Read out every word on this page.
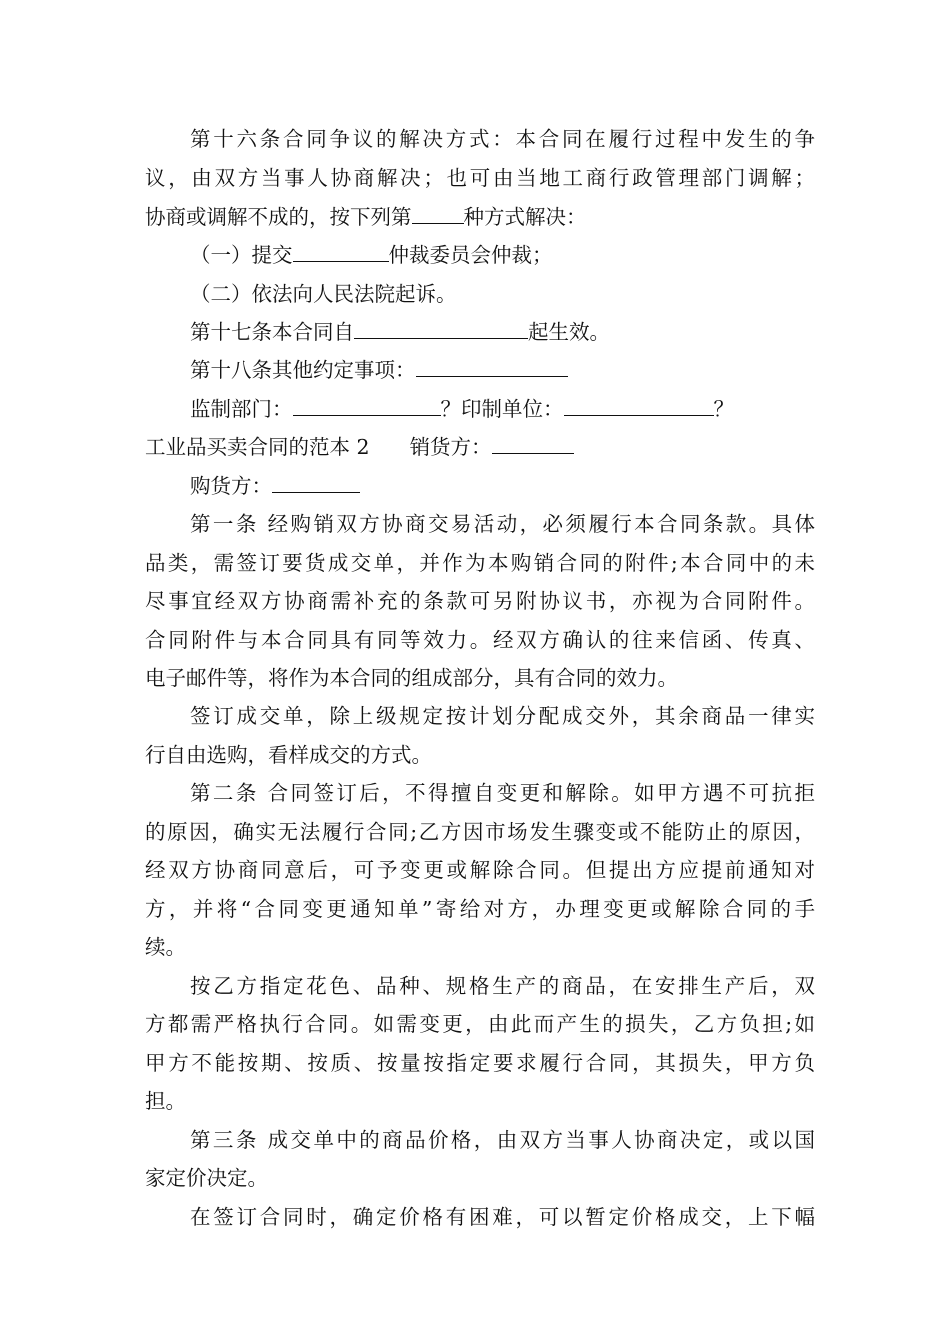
第十六条合同争议的解决方式：本合同在履行过程中发生的争
议，由双方当事人协商解决；也可由当地工商行政管理部门调解；
协商或调解不成的，按下列第	种方式解决：
（一）提交	仲裁委员会仲裁；
（二）依法向人民法院起诉。
第十七条本合同自	起生效。
第十八条其他约定事项：
监制部门：	？印制单位：	？
工业品买卖合同的范本 2 销货方：
购货方：
第一条 经购销双方协商交易活动，必须履行本合同条款。具体
品类，需签订要货成交单，并作为本购销合同的附件;本合同中的未
尽事宜经双方协商需补充的条款可另附协议书，亦视为合同附件。
合同附件与本合同具有同等效力。经双方确认的往来信函、传真、
电子邮件等，将作为本合同的组成部分，具有合同的效力。
签订成交单，除上级规定按计划分配成交外，其余商品一律实
行自由选购，看样成交的方式。
第二条 合同签订后，不得擅自变更和解除。如甲方遇不可抗拒
的原因，确实无法履行合同;乙方因市场发生骤变或不能防止的原因，
经双方协商同意后，可予变更或解除合同。但提出方应提前通知对
方，并将“合同变更通知单”寄给对方，办理变更或解除合同的手
续。
按乙方指定花色、品种、规格生产的商品，在安排生产后，双
方都需严格执行合同。如需变更，由此而产生的损失，乙方负担;如
甲方不能按期、按质、按量按指定要求履行合同，其损失，甲方负
担。
第三条 成交单中的商品价格，由双方当事人协商决定，或以国
家定价决定。
在签订合同时，确定价格有困难，可以暂定价格成交，上下幅
